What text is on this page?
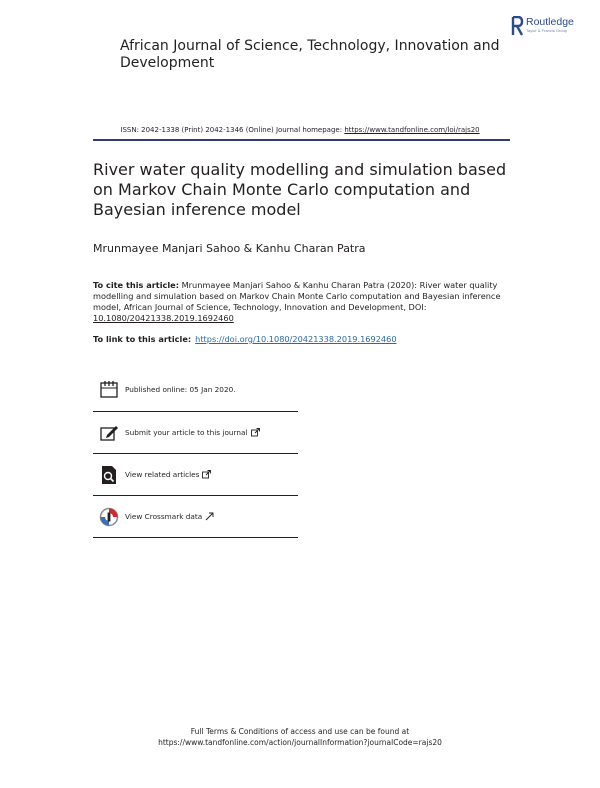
African Journal of Science, Technology, Innovation and Development
Routledge
Taylor & Francis Group
ISSN: 2042-1338 (Print) 2042-1346 (Online) Journal homepage: https://www.tandfonline.com/loi/rajs20
River water quality modelling and simulation based on Markov Chain Monte Carlo computation and Bayesian inference model
Mrunmayee Manjari Sahoo & Kanhu Charan Patra
To cite this article: Mrunmayee Manjari Sahoo & Kanhu Charan Patra (2020): River water quality modelling and simulation based on Markov Chain Monte Carlo computation and Bayesian inference model, African Journal of Science, Technology, Innovation and Development, DOI: 10.1080/20421338.2019.1692460
To link to this article: https://doi.org/10.1080/20421338.2019.1692460
Published online: 05 Jan 2020.
Submit your article to this journal
View related articles
View Crossmark data
Full Terms & Conditions of access and use can be found at
https://www.tandfonline.com/action/journalInformation?journalCode=rajs20
